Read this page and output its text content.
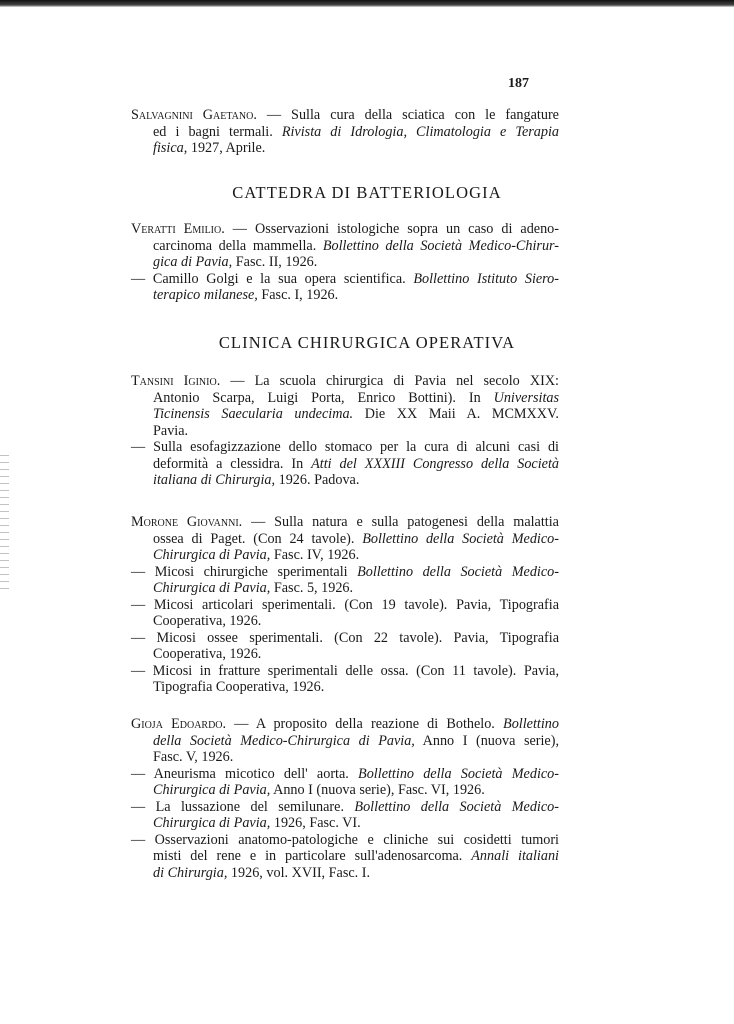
187
CATTEDRA DI BATTERIOLOGIA
CLINICA CHIRURGICA OPERATIVA
Salvagnini Gaetano. — Sulla cura della sciatica con le fangature
ed i bagni termali. Rivista di Idrologia, Climatologia e Terapia
fisica, 1927, Aprile.
Veratti Emilio. — Osservazioni istologiche sopra un caso di adeno-
carcinoma della mammella. Bollettino della Società Medico-Chirur-
gica di Pavia, Fasc. II, 1926.
— Camillo Golgi e la sua opera scientifica. Bollettino Istituto Siero-
terapico milanese, Fasc. I, 1926.
Tansini Iginio. — La scuola chirurgica di Pavia nel secolo XIX:
Antonio Scarpa, Luigi Porta, Enrico Bottini). In Universitas
Ticinensis Saecularia undecima. Die XX Maii A. MCMXXV.
Pavia.
— Sulla esofagizzazione dello stomaco per la cura di alcuni casi di
deformità a clessidra. In Atti del XXXIII Congresso della Società
italiana di Chirurgia, 1926. Padova.
Morone Giovanni. — Sulla natura e sulla patogenesi della malattia
ossea di Paget. (Con 24 tavole). Bollettino della Società Medico-
Chirurgica di Pavia, Fasc. IV, 1926.
— Micosi chirurgiche sperimentali Bollettino della Società Medico-
Chirurgica di Pavia, Fasc. 5, 1926.
— Micosi articolari sperimentali. (Con 19 tavole). Pavia, Tipografia
Cooperativa, 1926.
— Micosi ossee sperimentali. (Con 22 tavole). Pavia, Tipografia
Cooperativa, 1926.
— Micosi in fratture sperimentali delle ossa. (Con 11 tavole). Pavia,
Tipografia Cooperativa, 1926.
Gioja Edoardo. — A proposito della reazione di Bothelo. Bollettino
della Società Medico-Chirurgica di Pavia, Anno I (nuova serie),
Fasc. V, 1926.
— Aneurisma micotico dell' aorta. Bollettino della Società Medico-
Chirurgica di Pavia, Anno I (nuova serie), Fasc. VI, 1926.
— La lussazione del semilunare. Bollettino della Società Medico-
Chirurgica di Pavia, 1926, Fasc. VI.
— Osservazioni anatomo-patologiche e cliniche sui cosidetti tumori
misti del rene e in particolare sull'adenosarcoma. Annali italiani
di Chirurgia, 1926, vol. XVII, Fasc. I.
